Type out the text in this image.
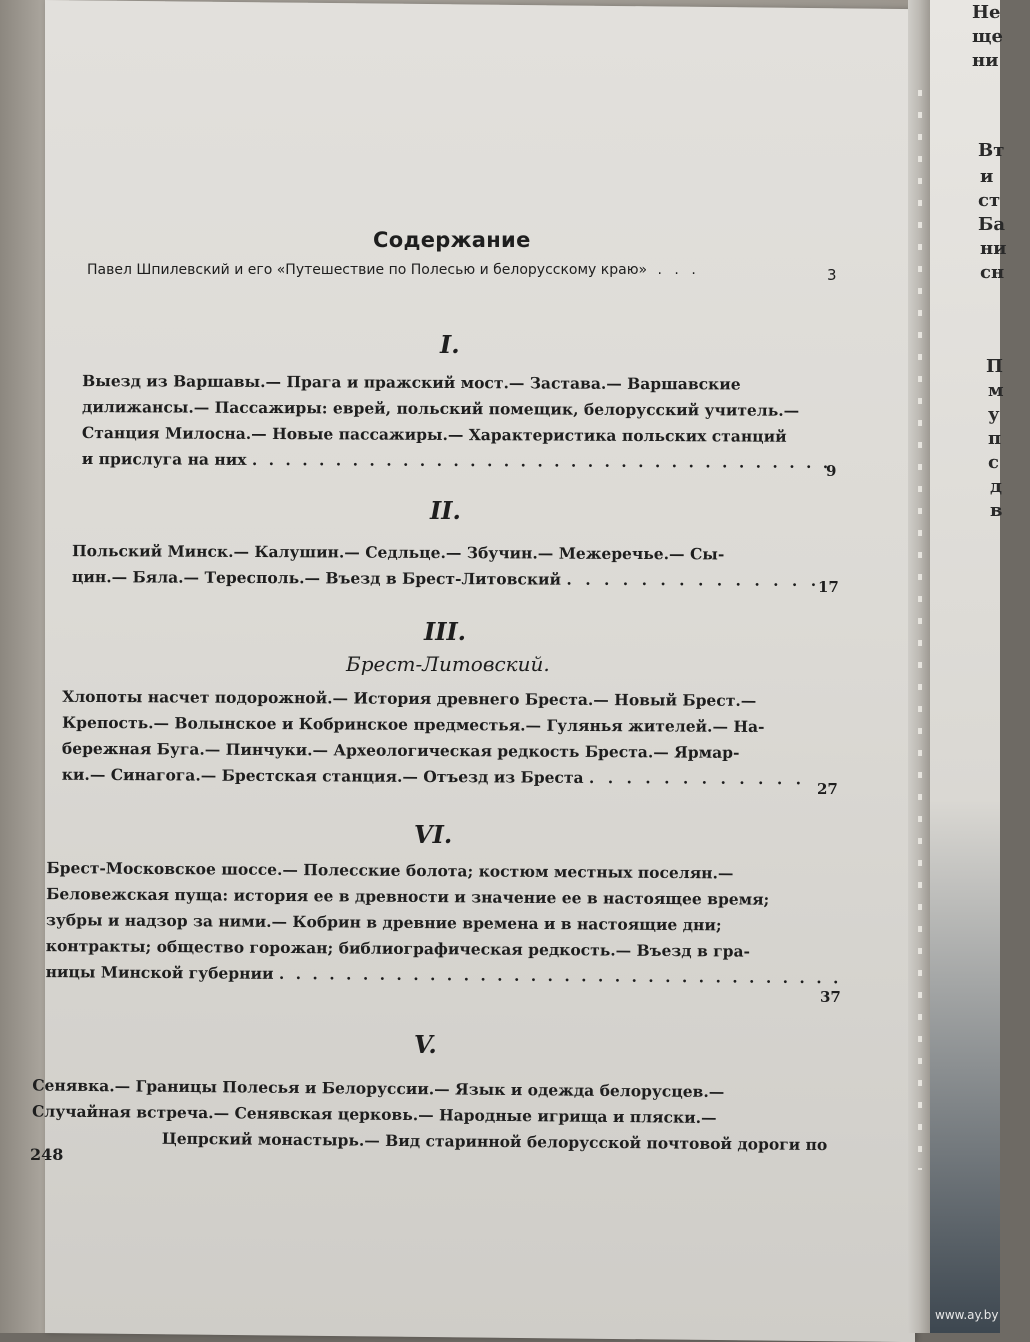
Не
ще
ни
Вт
и
ст
Ба
ни
сн
П
м
у
п
с
д
в
Содержание
Павел Шпилевский и его «Путешествие по Полесью и белорусскому краю» . . .	3
I.
Выезд из Варшавы.— Прага и пражский мост.— Застава.— Варшавские
дилижансы.— Пассажиры: еврей, польский помещик, белорусский учитель.—
Станция Милосна.— Новые пассажиры.— Характеристика польских станций
и прислуга на них . . . . . . . . . . . . . . . . . . . . . . . . . . . . . . . . . . .
9
II.
Польский Минск.— Калушин.— Седльце.— Збучин.— Межеречье.— Сы-
цин.— Бяла.— Тересполь.— Въезд в Брест-Литовский . . . . . . . . . . . . . .
17
III.
Брест-Литовский.
Хлопоты насчет подорожной.— История древнего Бреста.— Новый Брест.—
Крепость.— Волынское и Кобринское предместья.— Гулянья жителей.— На-
бережная Буга.— Пинчуки.— Археологическая редкость Бреста.— Ярмар-
ки.— Синагога.— Брестская станция.— Отъезд из Бреста . . . . . . . . . . . .
27
VI.
Брест-Московское шоссе.— Полесские болота; костюм местных поселян.—
Беловежская пуща: история ее в древности и значение ее в настоящее время;
зубры и надзор за ними.— Кобрин в древние времена и в настоящие дни;
контракты; общество горожан; библиографическая редкость.— Въезд в гра-
ницы Минской губернии . . . . . . . . . . . . . . . . . . . . . . . . . . . . . . . . . .
37
V.
Сенявка.— Границы Полесья и Белоруссии.— Язык и одежда белорусцев.—
Случайная встреча.— Сенявская церковь.— Народные игрища и пляски.—
Цепрский монастырь.— Вид старинной белорусской почтовой дороги по
248
www.ay.by
